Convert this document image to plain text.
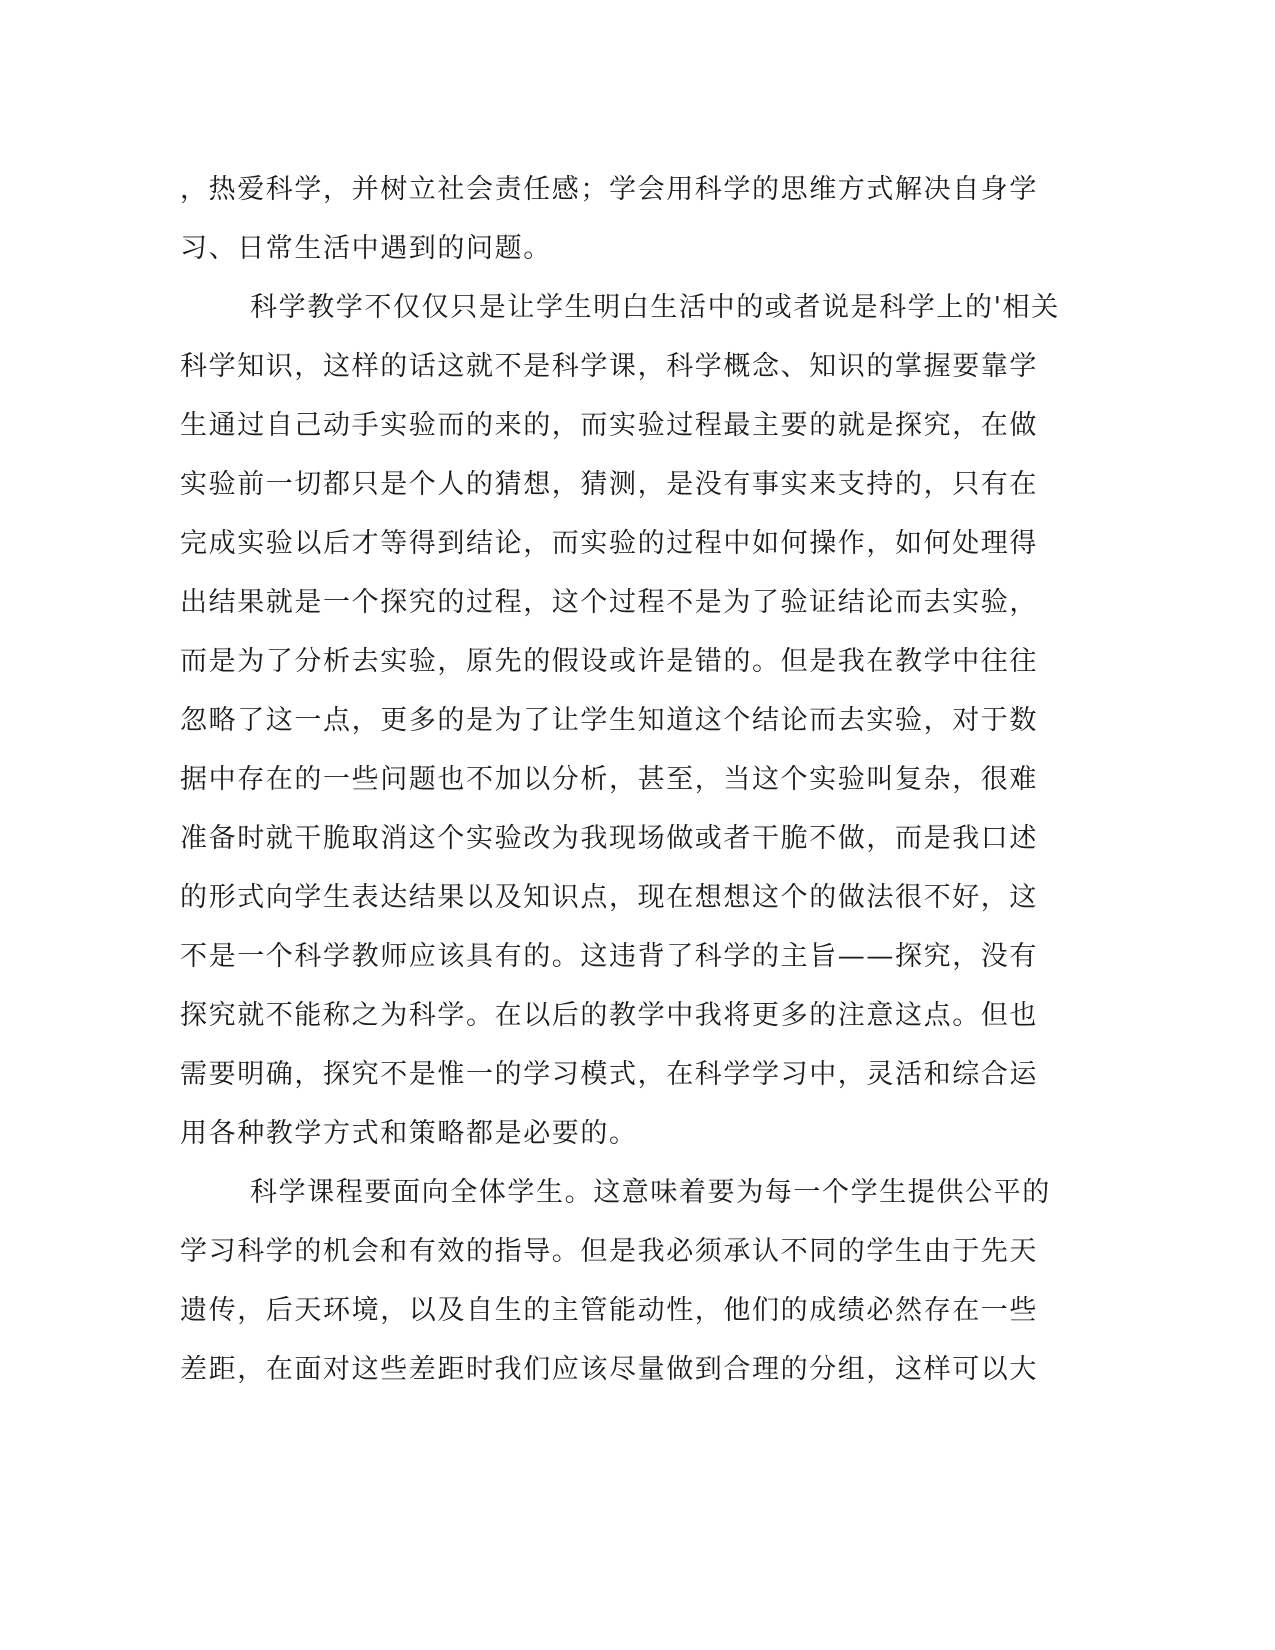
，热爱科学，并树立社会责任感；学会用科学的思维方式解决自身学
习、日常生活中遇到的问题。
科学教学不仅仅只是让学生明白生活中的或者说是科学上的'相关
科学知识，这样的话这就不是科学课，科学概念、知识的掌握要靠学
生通过自己动手实验而的来的，而实验过程最主要的就是探究，在做
实验前一切都只是个人的猜想，猜测，是没有事实来支持的，只有在
完成实验以后才等得到结论，而实验的过程中如何操作，如何处理得
出结果就是一个探究的过程，这个过程不是为了验证结论而去实验，
而是为了分析去实验，原先的假设或许是错的。但是我在教学中往往
忽略了这一点，更多的是为了让学生知道这个结论而去实验，对于数
据中存在的一些问题也不加以分析，甚至，当这个实验叫复杂，很难
准备时就干脆取消这个实验改为我现场做或者干脆不做，而是我口述
的形式向学生表达结果以及知识点，现在想想这个的做法很不好，这
不是一个科学教师应该具有的。这违背了科学的主旨——探究，没有
探究就不能称之为科学。在以后的教学中我将更多的注意这点。但也
需要明确，探究不是惟一的学习模式，在科学学习中，灵活和综合运
用各种教学方式和策略都是必要的。
科学课程要面向全体学生。这意味着要为每一个学生提供公平的
学习科学的机会和有效的指导。但是我必须承认不同的学生由于先天
遗传，后天环境，以及自生的主管能动性，他们的成绩必然存在一些
差距，在面对这些差距时我们应该尽量做到合理的分组，这样可以大
